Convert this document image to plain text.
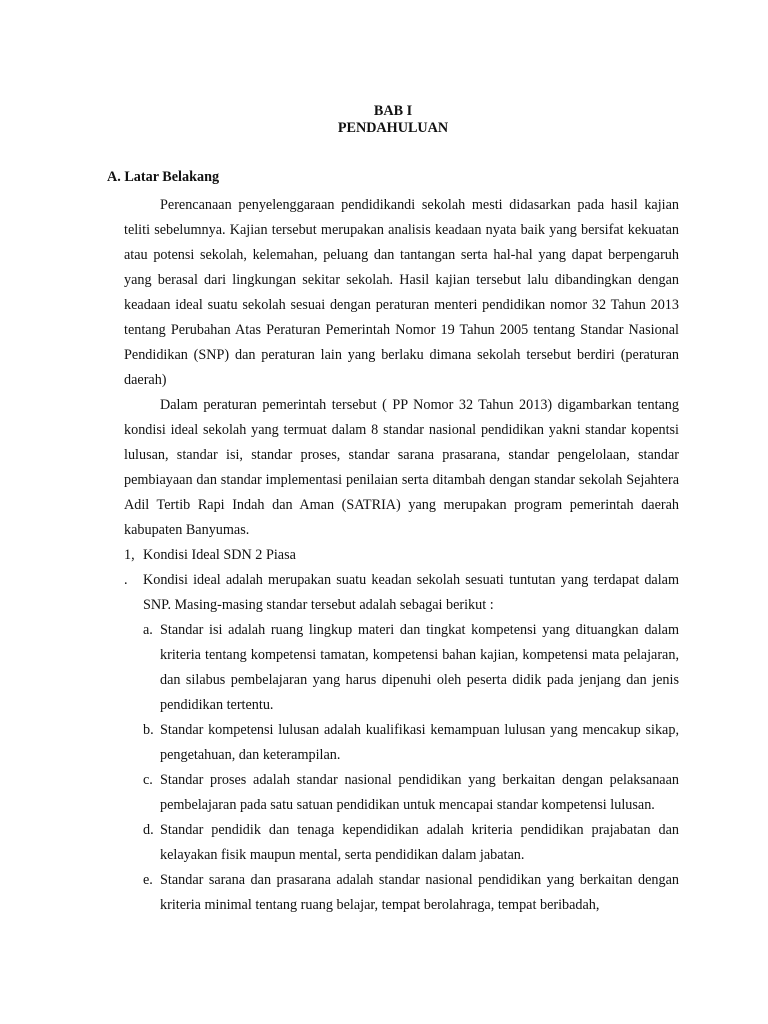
BAB I
PENDAHULUAN
A. Latar Belakang

Perencanaan penyelenggaraan pendidikandi sekolah mesti didasarkan pada hasil kajian teliti sebelumnya. Kajian tersebut merupakan analisis keadaan nyata baik yang bersifat kekuatan atau potensi sekolah, kelemahan, peluang dan tantangan serta hal-hal yang dapat berpengaruh yang berasal dari lingkungan sekitar sekolah. Hasil kajian tersebut lalu dibandingkan dengan keadaan ideal suatu sekolah sesuai dengan peraturan menteri pendidikan nomor 32 Tahun 2013 tentang Perubahan Atas Peraturan Pemerintah Nomor 19 Tahun 2005 tentang Standar Nasional Pendidikan (SNP) dan peraturan lain yang berlaku dimana sekolah tersebut berdiri (peraturan daerah)

Dalam peraturan pemerintah tersebut ( PP Nomor 32 Tahun 2013) digambarkan tentang kondisi ideal sekolah yang termuat dalam 8 standar nasional pendidikan yakni standar kopentsi lulusan, standar isi, standar proses, standar sarana prasarana, standar pengelolaan, standar pembiayaan dan standar implementasi penilaian serta ditambah dengan standar sekolah Sejahtera Adil Tertib Rapi Indah dan Aman (SATRIA) yang merupakan program pemerintah daerah kabupaten Banyumas.

1, Kondisi Ideal SDN 2 Piasa
.	Kondisi ideal adalah merupakan suatu keadan sekolah sesuati tuntutan yang terdapat dalam SNP. Masing-masing standar tersebut adalah sebagai berikut :
a. Standar isi adalah ruang lingkup materi dan tingkat kompetensi yang dituangkan dalam kriteria tentang kompetensi tamatan, kompetensi bahan kajian, kompetensi mata pelajaran, dan silabus pembelajaran yang harus dipenuhi oleh peserta didik pada jenjang dan jenis pendidikan tertentu.
b. Standar kompetensi lulusan adalah kualifikasi kemampuan lulusan yang mencakup sikap, pengetahuan, dan keterampilan.
c. Standar proses adalah standar nasional pendidikan yang berkaitan dengan pelaksanaan pembelajaran pada satu satuan pendidikan untuk mencapai standar kompetensi lulusan.
d. Standar pendidik dan tenaga kependidikan adalah kriteria pendidikan prajabatan dan kelayakan fisik maupun mental, serta pendidikan dalam jabatan.
e. Standar sarana dan prasarana adalah standar nasional pendidikan yang berkaitan dengan kriteria minimal tentang ruang belajar, tempat berolahraga, tempat beribadah,
